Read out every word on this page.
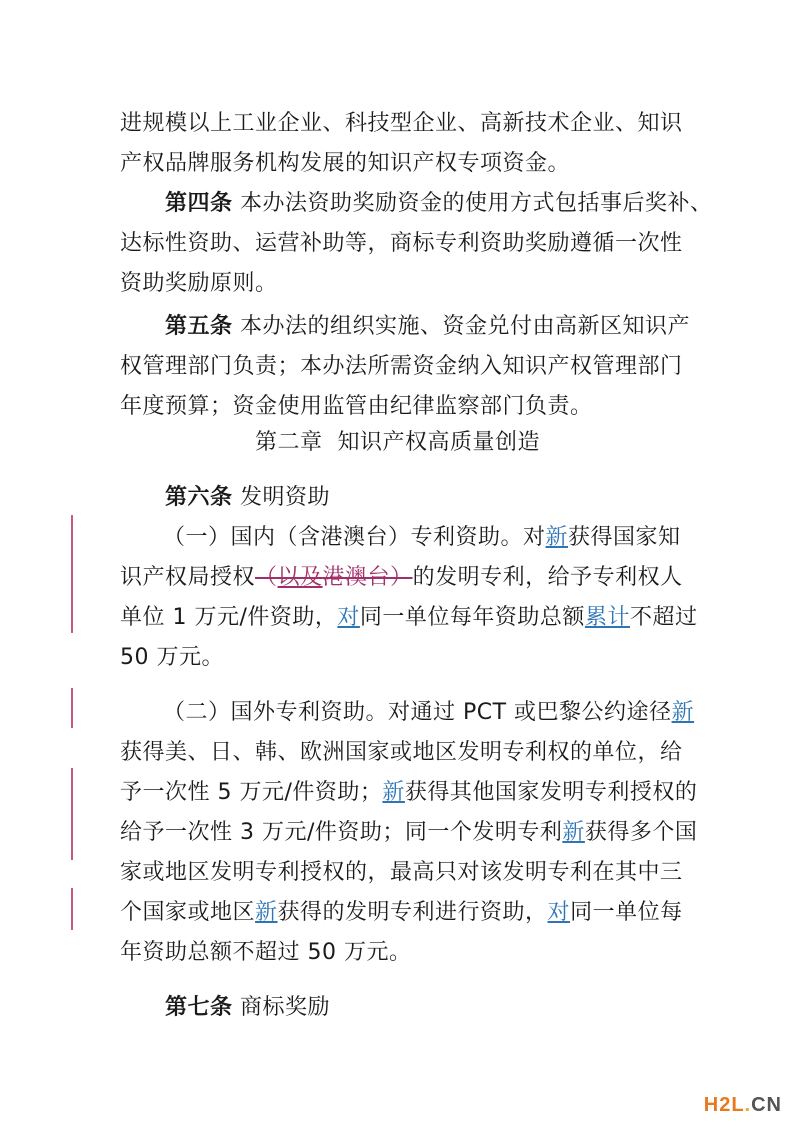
进规模以上工业企业、科技型企业、高新技术企业、知识
产权品牌服务机构发展的知识产权专项资金。
第四条 本办法资助奖励资金的使用方式包括事后奖补、
达标性资助、运营补助等，商标专利资助奖励遵循一次性
资助奖励原则。
第五条 本办法的组织实施、资金兑付由高新区知识产
权管理部门负责；本办法所需资金纳入知识产权管理部门
年度预算；资金使用监管由纪律监察部门负责。
第二章  知识产权高质量创造
第六条 发明资助
（一）国内（含港澳台）专利资助。对新获得国家知
识产权局授权（以及港澳台）的发明专利，给予专利权人
单位 1 万元/件资助，对同一单位每年资助总额累计不超过
50 万元。
（二）国外专利资助。对通过 PCT 或巴黎公约途径新
获得美、日、韩、欧洲国家或地区发明专利权的单位，给
予一次性 5 万元/件资助；新获得其他国家发明专利授权的
给予一次性 3 万元/件资助；同一个发明专利新获得多个国
家或地区发明专利授权的，最高只对该发明专利在其中三
个国家或地区新获得的发明专利进行资助，对同一单位每
年资助总额不超过 50 万元。
第七条 商标奖励
H2L.CN
